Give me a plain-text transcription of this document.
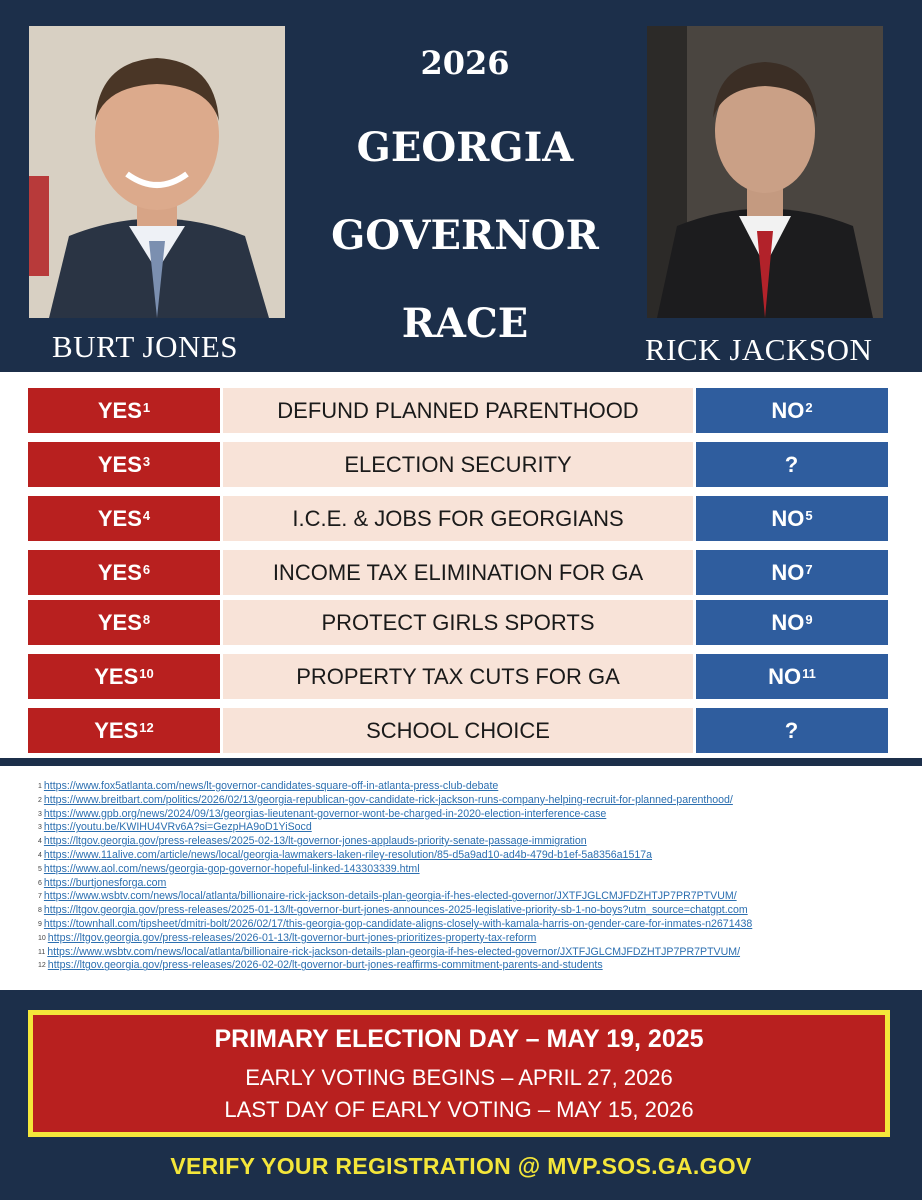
2026
GEORGIA
GOVERNOR
RACE
BURT JONES	RICK JACKSON
YES$^1$	DEFUND PLANNED PARENTHOOD	$NO^2$
YES$^3$	ELECTION SECURITY	?
YES$^4$	I.C.E. & JOBS FOR GEORGIANS	$NO^5$
YES$^6$	INCOME TAX ELIMINATION FOR GA	$NO^7$
YES$^8$	PROTECT GIRLS SPORTS	$NO^9$
YES$^{10}$	PROPERTY TAX CUTS FOR GA	NO$^{11}$
YES$^{12}$	SCHOOL CHOICE	?
$^1$ https://www.fox5atlanta.com/news/lt-governor-candidates-square-off-in-atlanta-press-club-debate
$^2$ https://www.breitbart.com/politics/2026/02/13/georgia-republican-gov-candidate-rick-jackson-runs-company-helping-recruit-for-planned-parenthood/
$^3$ https://www.gpb.org/news/2024/09/13/georgias-lieutenant-governor-wont-be-charged-in-2020-election-interference-case
$^3$ https://youtu.be/KWIHU4VRv6A?si=GezpHA9oD1YiSocd
$^4$ https://ltgov.georgia.gov/press-releases/2025-02-13/lt-governor-jones-applauds-priority-senate-passage-immigration
$^4$ https://www.11alive.com/article/news/local/georgia-lawmakers-laken-riley-resolution/85-d5a9ad10-ad4b-479d-b1ef-5a8356a1517a
$^5$ https://www.aol.com/news/georgia-gop-governor-hopeful-linked-143303339.html
$^6$ https://burtjonesforga.com
$^7$ https://www.wsbtv.com/news/local/atlanta/billionaire-rick-jackson-details-plan-georgia-if-hes-elected-governor/JXTFJGLCMJFDZHTJP7PR7PTVUM/
$^8$ https://ltgov.georgia.gov/press-releases/2025-01-13/lt-governor-burt-jones-announces-2025-legislative-priority-sb-1-no-boys?utm_source=chatgpt.com
$^9$ https://townhall.com/tipsheet/dmitri-bolt/2026/02/17/this-georgia-gop-candidate-aligns-closely-with-kamala-harris-on-gender-care-for-inmates-n2671438
$^{10}$ https://ltgov.georgia.gov/press-releases/2026-01-13/lt-governor-burt-jones-prioritizes-property-tax-reform
$^{11}$ https://www.wsbtv.com/news/local/atlanta/billionaire-rick-jackson-details-plan-georgia-if-hes-elected-governor/JXTFJGLCMJFDZHTJP7PR7PTVUM/
$^{12}$ https://ltgov.georgia.gov/press-releases/2026-02-02/lt-governor-burt-jones-reaffirms-commitment-parents-and-students
PRIMARY ELECTION DAY – MAY 19, 2025
EARLY VOTING BEGINS – APRIL 27, 2026
LAST DAY OF EARLY VOTING – MAY 15, 2026
VERIFY YOUR REGISTRATION @ MVP.SOS.GA.GOV
